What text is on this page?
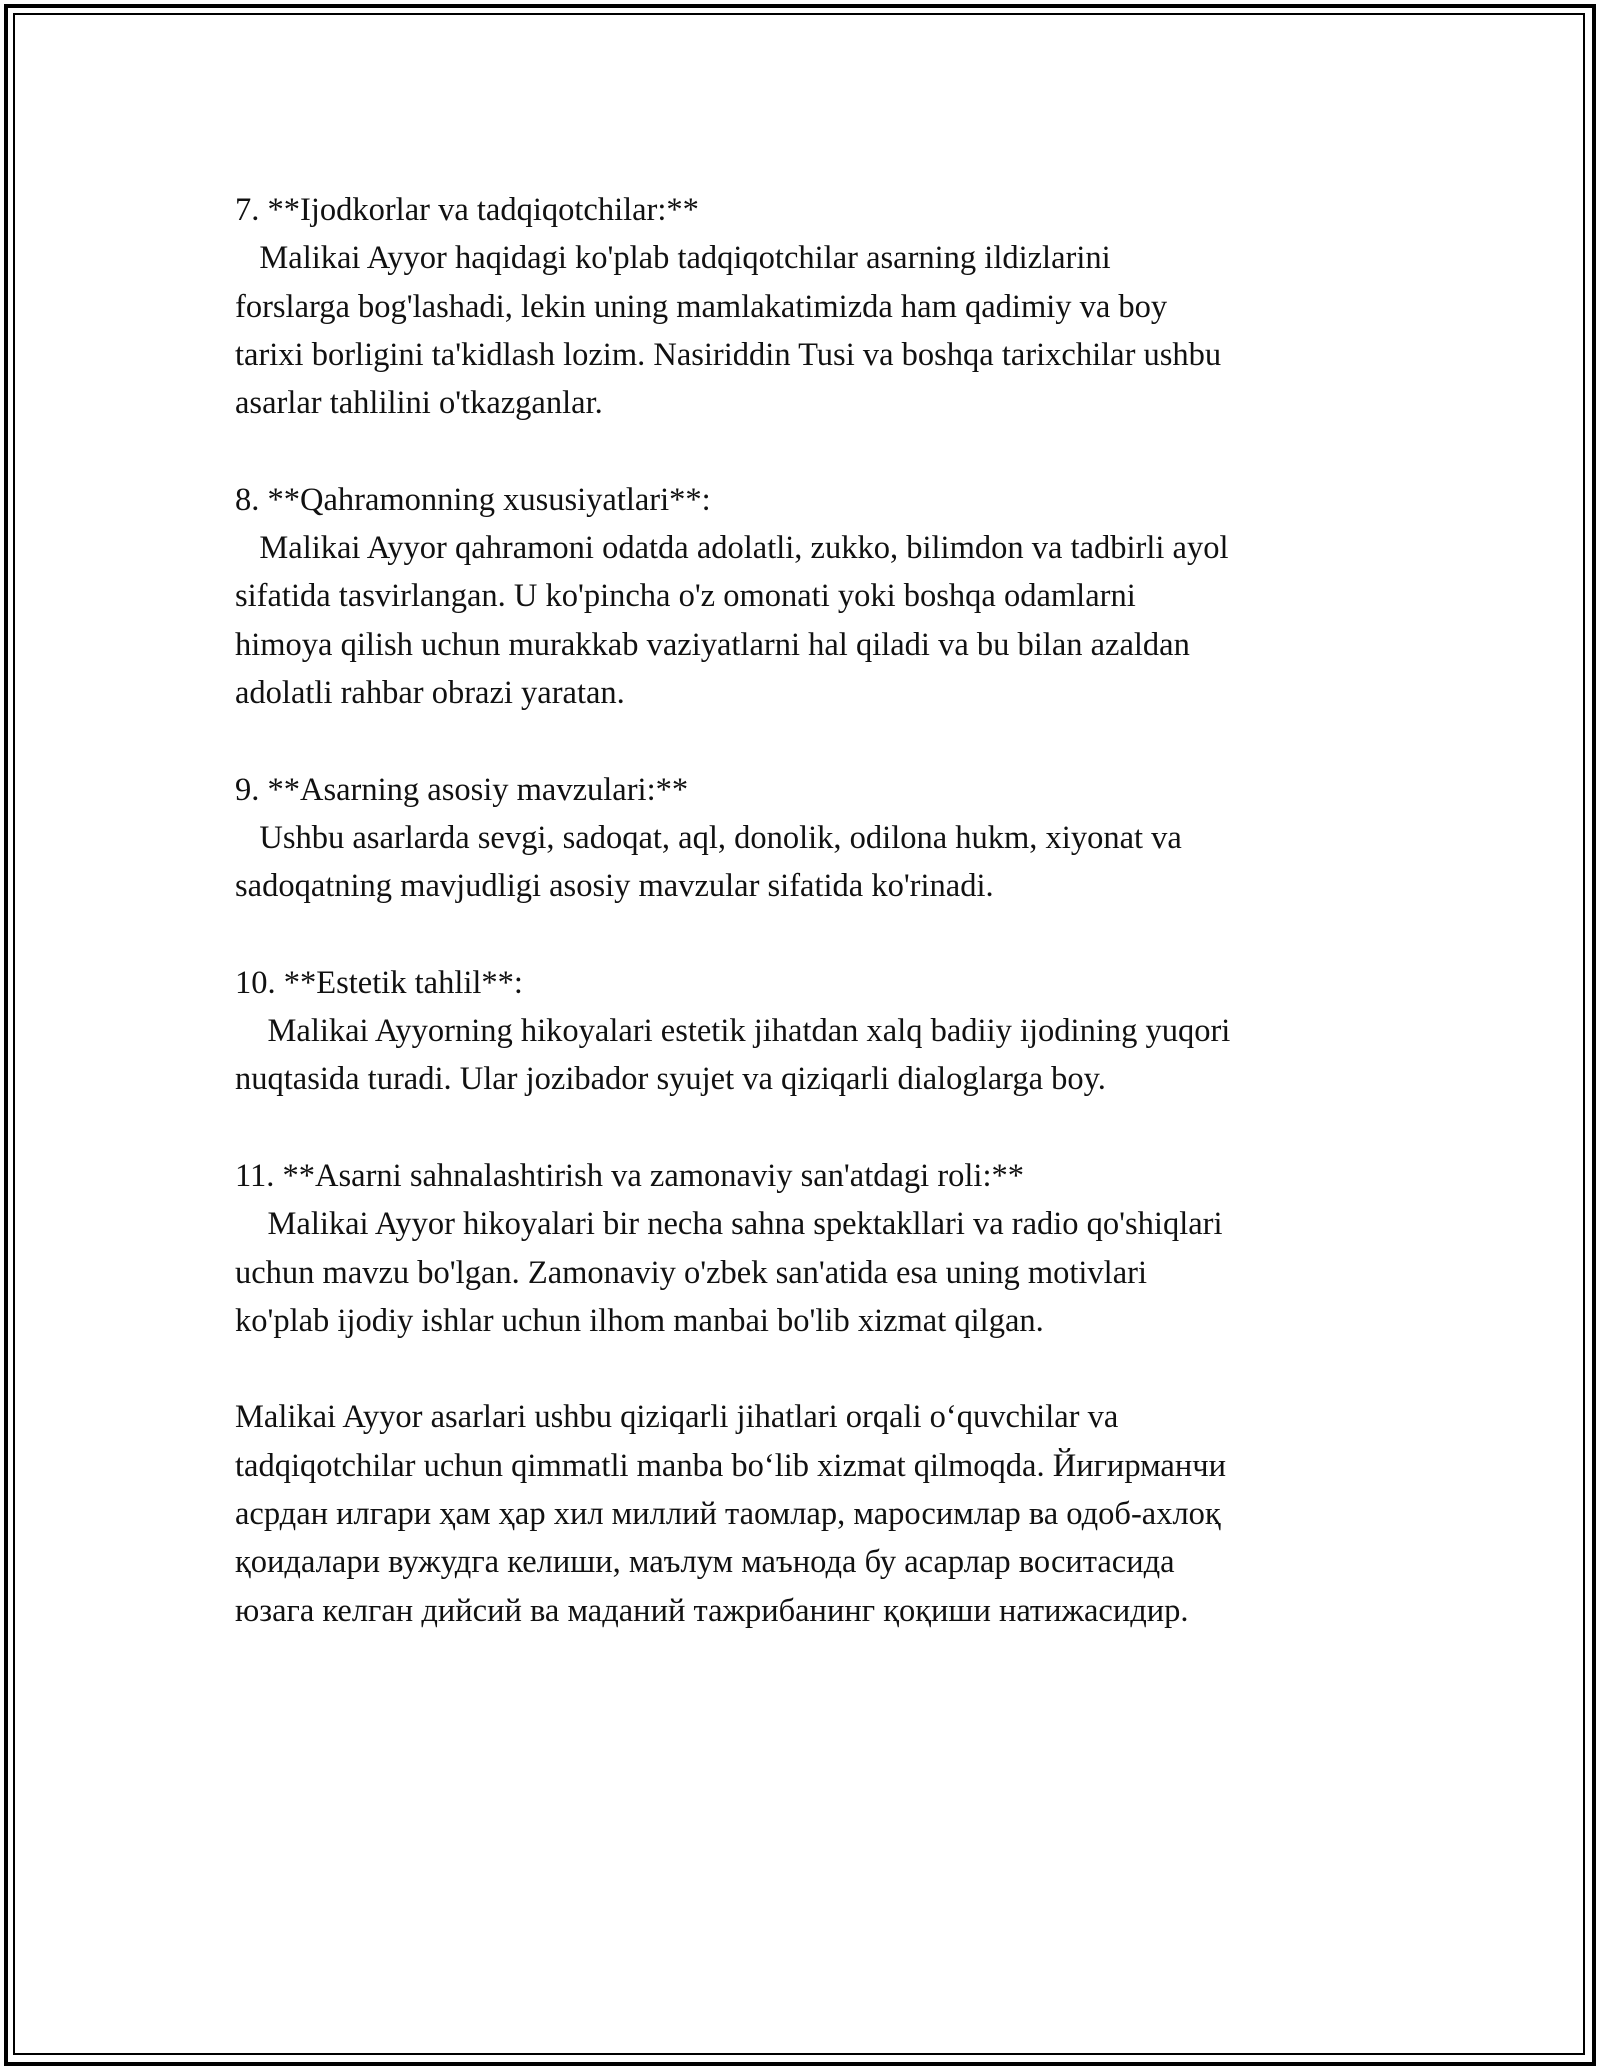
7. **Ijodkorlar va tadqiqotchilar:**

Malikai Ayyor haqidagi ko'plab tadqiqotchilar asarning ildizlarini

forslarga bog'lashadi, lekin uning mamlakatimizda ham qadimiy va boy

tarixi borligini ta'kidlash lozim. Nasiriddin Tusi va boshqa tarixchilar ushbu

asarlar tahlilini o'tkazganlar.

8. **Qahramonning xususiyatlari**:

Malikai Ayyor qahramoni odatda adolatli, zukko, bilimdon va tadbirli ayol

sifatida tasvirlangan. U ko'pincha o'z omonati yoki boshqa odamlarni

himoya qilish uchun murakkab vaziyatlarni hal qiladi va bu bilan azaldan

adolatli rahbar obrazi yaratan.

9. **Asarning asosiy mavzulari:**

Ushbu asarlarda sevgi, sadoqat, aql, donolik, odilona hukm, xiyonat va

sadoqatning mavjudligi asosiy mavzular sifatida ko'rinadi.

10. **Estetik tahlil**:

Malikai Ayyorning hikoyalari estetik jihatdan xalq badiiy ijodining yuqori

nuqtasida turadi. Ular jozibador syujet va qiziqarli dialoglarga boy.

11. **Asarni sahnalashtirish va zamonaviy san'atdagi roli:**

Malikai Ayyor hikoyalari bir necha sahna spektakllari va radio qo'shiqlari

uchun mavzu bo'lgan. Zamonaviy o'zbek san'atida esa uning motivlari

ko'plab ijodiy ishlar uchun ilhom manbai bo'lib xizmat qilgan.

Malikai Ayyor asarlari ushbu qiziqarli jihatlari orqali o‘quvchilar va

tadqiqotchilar uchun qimmatli manba bo‘lib xizmat qilmoqda. Йигирманчи

асрдан илгари ҳам ҳар хил миллий таомлар, маросимлар ва одоб-ахлоқ

қоидалари вужудга келиши, маълум маънода бу асарлар воситасида

юзага келган дийсий ва маданий тажрибанинг қоқиши натижасидир.
